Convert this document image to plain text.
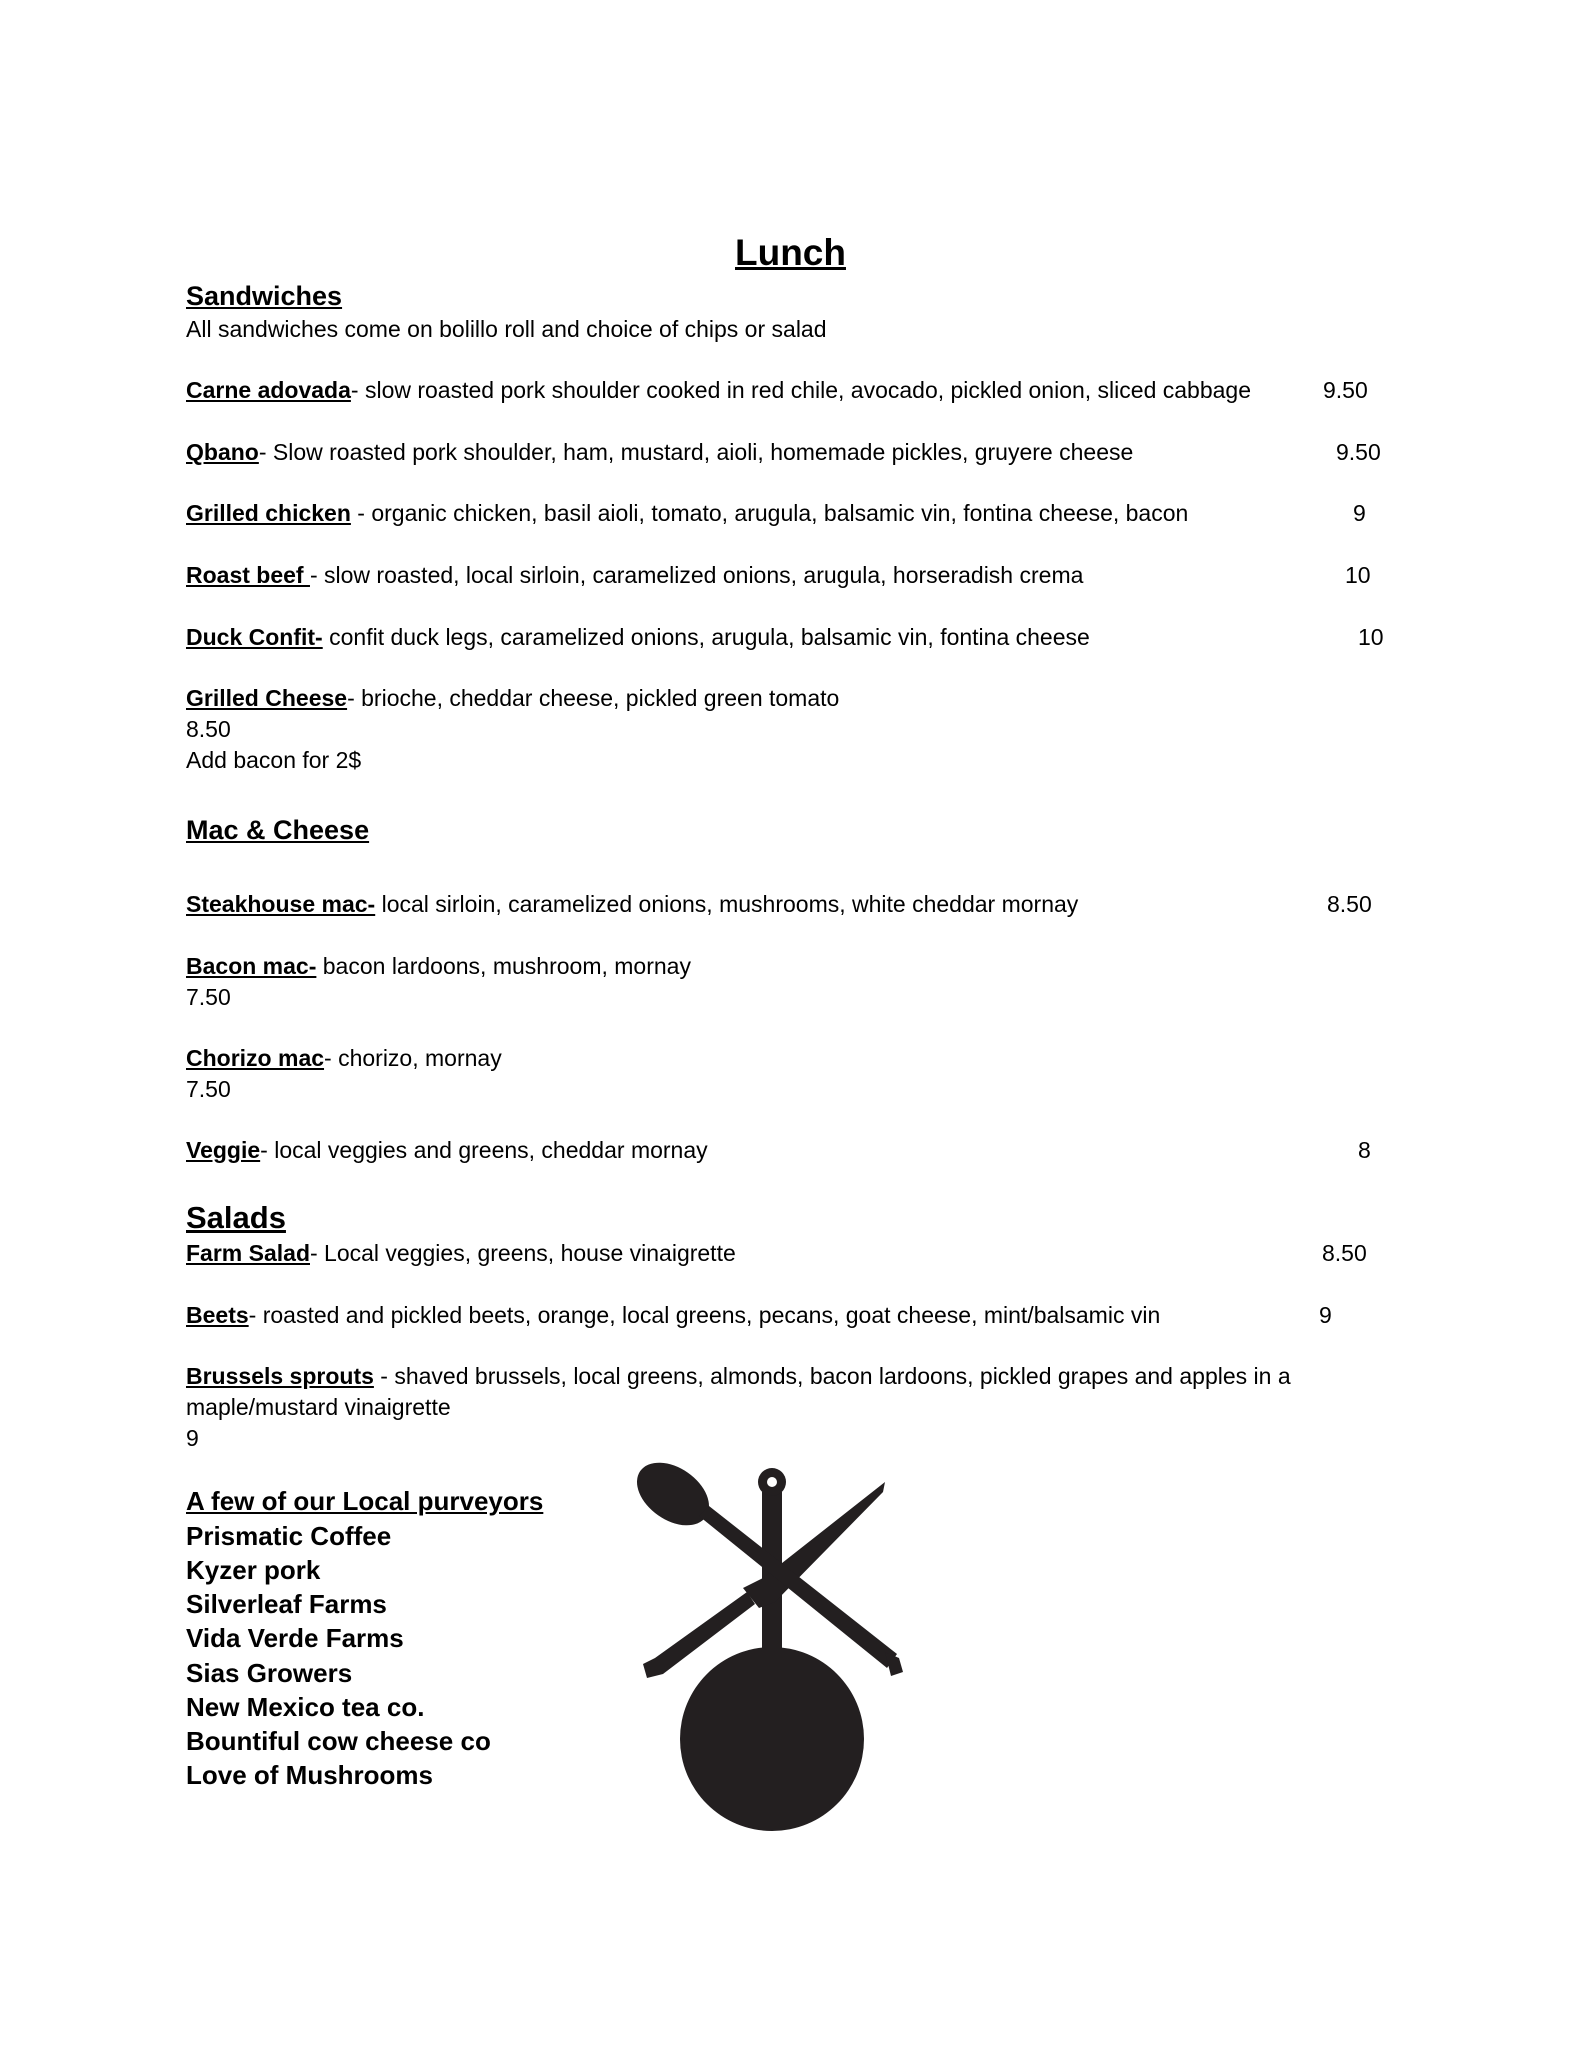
Lunch
Sandwiches
All sandwiches come on bolillo roll and choice of chips or salad
Carne adovada- slow roasted pork shoulder cooked in red chile, avocado, pickled onion, sliced cabbage	9.50
Qbano- Slow roasted pork shoulder, ham, mustard, aioli, homemade pickles, gruyere cheese	9.50
Grilled chicken - organic chicken, basil aioli, tomato, arugula, balsamic vin, fontina cheese, bacon	9
Roast beef - slow roasted, local sirloin, caramelized onions, arugula, horseradish crema	10
Duck Confit- confit duck legs, caramelized onions, arugula, balsamic vin, fontina cheese	10
Grilled Cheese- brioche, cheddar cheese, pickled green tomato
8.50
Add bacon for 2$
Mac & Cheese
Steakhouse mac- local sirloin, caramelized onions, mushrooms, white cheddar mornay	8.50
Bacon mac- bacon lardoons, mushroom, mornay
7.50
Chorizo mac- chorizo, mornay
7.50
Veggie- local veggies and greens, cheddar mornay	8
Salads
Farm Salad- Local veggies, greens, house vinaigrette	8.50
Beets- roasted and pickled beets, orange, local greens, pecans, goat cheese, mint/balsamic vin	9
Brussels sprouts - shaved brussels, local greens, almonds, bacon lardoons, pickled grapes and apples in a
maple/mustard vinaigrette
9
A few of our Local purveyors
Prismatic Coffee
Kyzer pork
Silverleaf Farms
Vida Verde Farms
Sias Growers
New Mexico tea co.
Bountiful cow cheese co
Love of Mushrooms
